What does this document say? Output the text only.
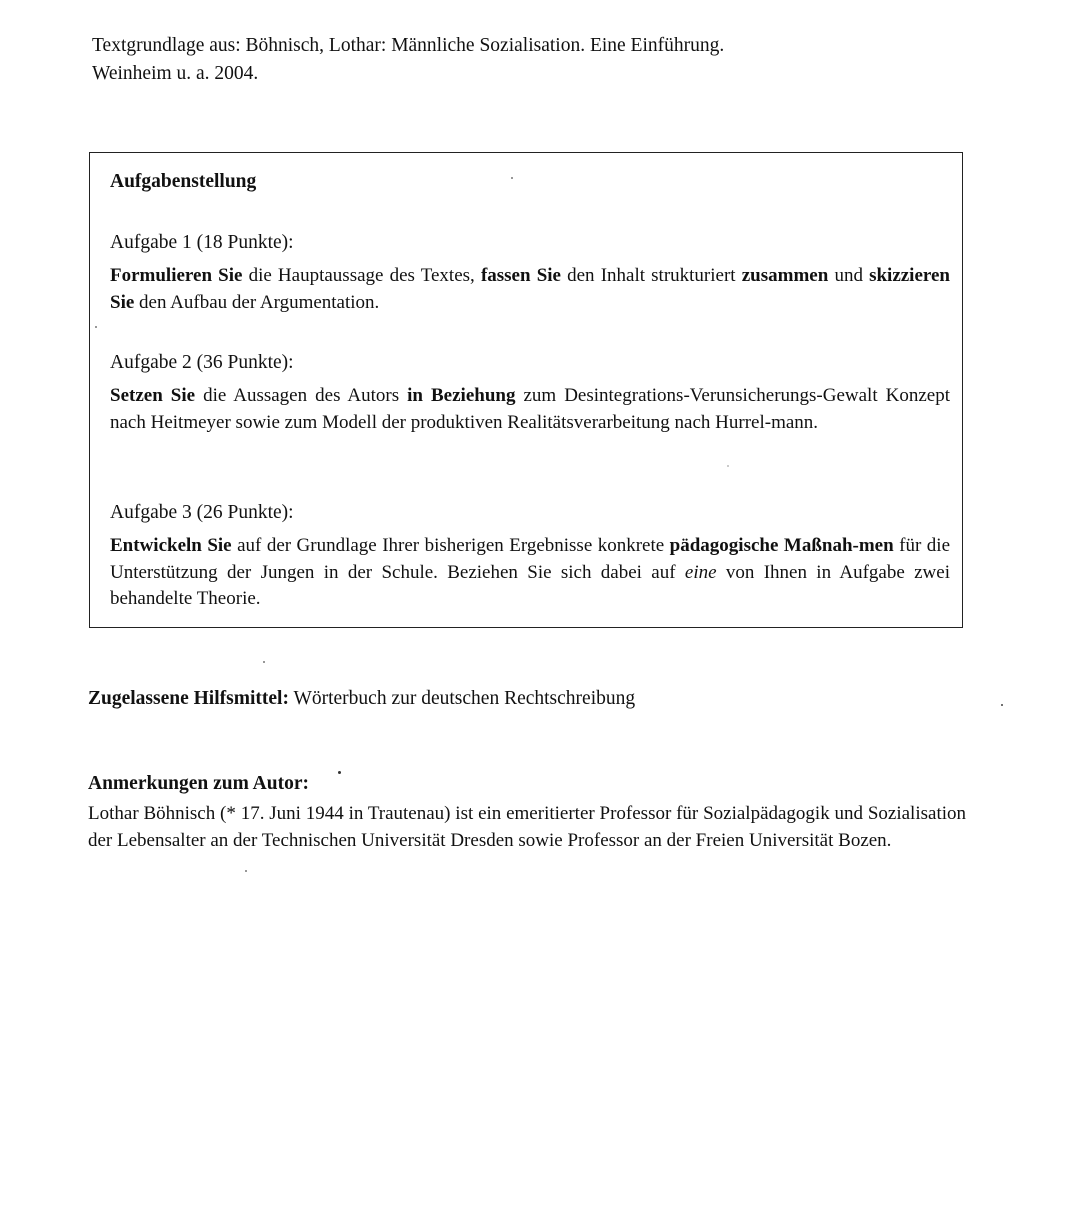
Textgrundlage aus: Böhnisch, Lothar: Männliche Sozialisation. Eine Einführung.

Weinheim u. a. 2004.

Aufgabenstellung

Aufgabe 1 (18 Punkte):

Formulieren Sie die Hauptaussage des Textes, fassen Sie den Inhalt strukturiert zusammen und skizzieren Sie den Aufbau der Argumentation.

Aufgabe 2 (36 Punkte):

Setzen Sie die Aussagen des Autors in Beziehung zum Desintegrations-Verunsicherungs-Gewalt Konzept nach Heitmeyer sowie zum Modell der produktiven Realitätsverarbeitung nach Hurrel-mann.

Aufgabe 3 (26 Punkte):

Entwickeln Sie auf der Grundlage Ihrer bisherigen Ergebnisse konkrete pädagogische Maßnah-men für die Unterstützung der Jungen in der Schule. Beziehen Sie sich dabei auf eine von Ihnen in Aufgabe zwei behandelte Theorie.

Zugelassene Hilfsmittel: Wörterbuch zur deutschen Rechtschreibung

Anmerkungen zum Autor:

Lothar Böhnisch (* 17. Juni 1944 in Trautenau) ist ein emeritierter Professor für Sozialpädagogik und Sozialisation der Lebensalter an der Technischen Universität Dresden sowie Professor an der Freien Universität Bozen.
